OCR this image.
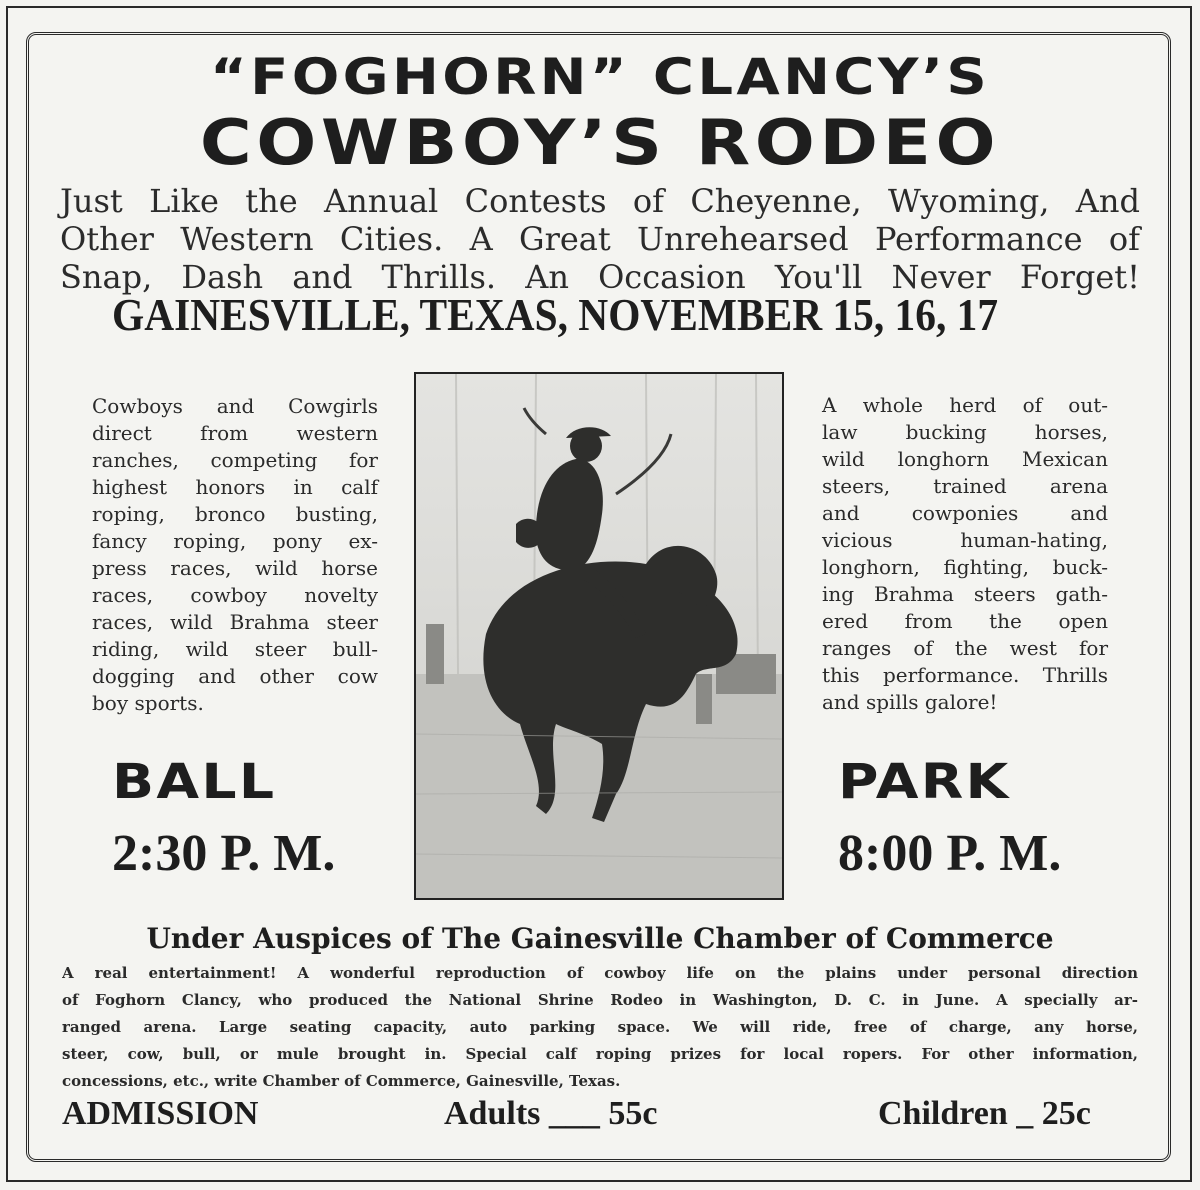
“FOGHORN” CLANCY’S
COWBOY’S RODEO
Just Like the Annual Contests of Cheyenne, Wyoming, And
Other Western Cities. A Great Unrehearsed Performance of
Snap, Dash and Thrills. An Occasion You'll Never Forget!
GAINESVILLE, TEXAS, NOVEMBER 15, 16, 17
Cowboys and Cowgirls
direct from western
ranches, competing for
highest honors in calf
roping, bronco busting,
fancy roping, pony ex-
press races, wild horse
races, cowboy novelty
races, wild Brahma steer
riding, wild steer bull-
dogging and other cow
boy sports.
A whole herd of out-
law bucking horses,
wild longhorn Mexican
steers, trained arena
and cowponies and
vicious human-hating,
longhorn, fighting, buck-
ing Brahma steers gath-
ered from the open
ranges of the west for
this performance. Thrills
and spills galore!
BALL	PARK
2:30 P. M.	8:00 P. M.
Under Auspices of The Gainesville Chamber of Commerce
A real entertainment! A wonderful reproduction of cowboy life on the plains under personal direction
of Foghorn Clancy, who produced the National Shrine Rodeo in Washington, D. C. in June. A specially ar-
ranged arena. Large seating capacity, auto parking space. We will ride, free of charge, any horse,
steer, cow, bull, or mule brought in. Special calf roping prizes for local ropers. For other information,
concessions, etc., write Chamber of Commerce, Gainesville, Texas.
ADMISSION	Adults ___ 55c	Children _ 25c
